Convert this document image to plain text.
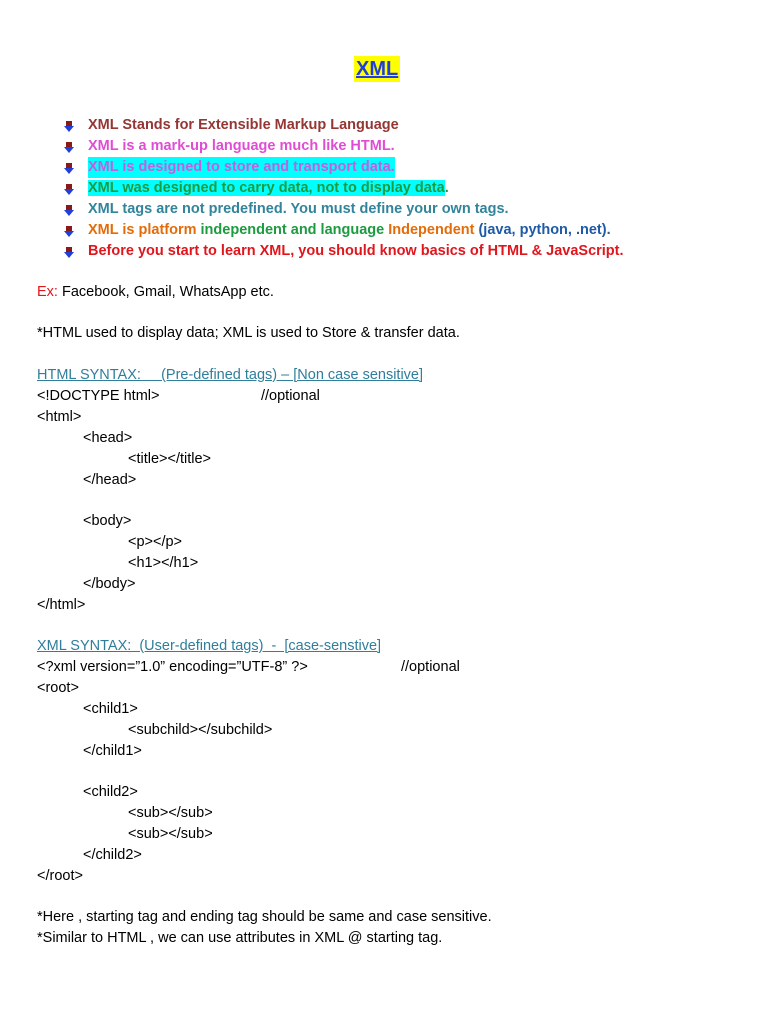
XML
XML Stands for Extensible Markup Language
XML is a mark-up language much like HTML.
XML is designed to store and transport data.
XML was designed to carry data, not to display data.
XML tags are not predefined. You must define your own tags.
XML is platform independent and language Independent (java, python, .net).
Before you start to learn XML, you should know basics of HTML & JavaScript.
Ex: Facebook, Gmail, WhatsApp etc.
*HTML used to display data; XML is used to Store & transfer data.
HTML SYNTAX:     (Pre-defined tags) – [Non case sensitive]
<!DOCTYPE html>	//optional
<html>
<head>
<title></title>
</head>
<body>
<p></p>
<h1></h1>
</body>
</html>
XML SYNTAX:  (User-defined tags)  -  [case-senstive]
<?xml version=”1.0” encoding=”UTF-8” ?>	//optional
<root>
<child1>
<subchild></subchild>
</child1>
<child2>
<sub></sub>
<sub></sub>
</child2>
</root>
*Here , starting tag and ending tag should be same and case sensitive.
*Similar to HTML , we can use attributes in XML @ starting tag.
